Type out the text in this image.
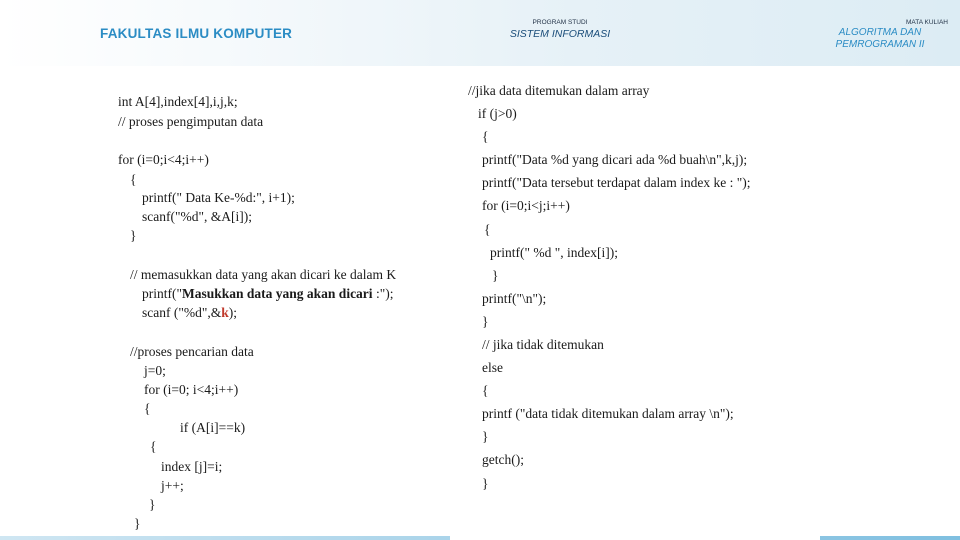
FAKULTAS ILMU KOMPUTER
PROGRAM STUDI
SISTEM INFORMASI
MATA KULIAH
ALGORITMA DAN
PEMROGRAMAN II
int A[4],index[4],i,j,k;
// proses pengimputan data
for (i=0;i<4;i++)
{
printf(" Data Ke-%d:", i+1);
scanf("%d", &A[i]);
}
// memasukkan data yang akan dicari ke dalam K
printf("Masukkan data yang akan dicari :");
scanf ("%d",&k);
//proses pencarian data
j=0;
for (i=0; i<4;i++)
{
if (A[i]==k)
{
index [j]=i;
j++;
}
}
//jika data ditemukan dalam array
if (j>0)
{
printf("Data %d yang dicari ada %d buah\n",k,j);
printf("Data tersebut terdapat dalam index ke : ");
for (i=0;i<j;i++)
{
printf(" %d ", index[i]);
}
printf("\n");
}
// jika tidak ditemukan
else
{
printf ("data tidak ditemukan dalam array \n");
}
getch();
}
